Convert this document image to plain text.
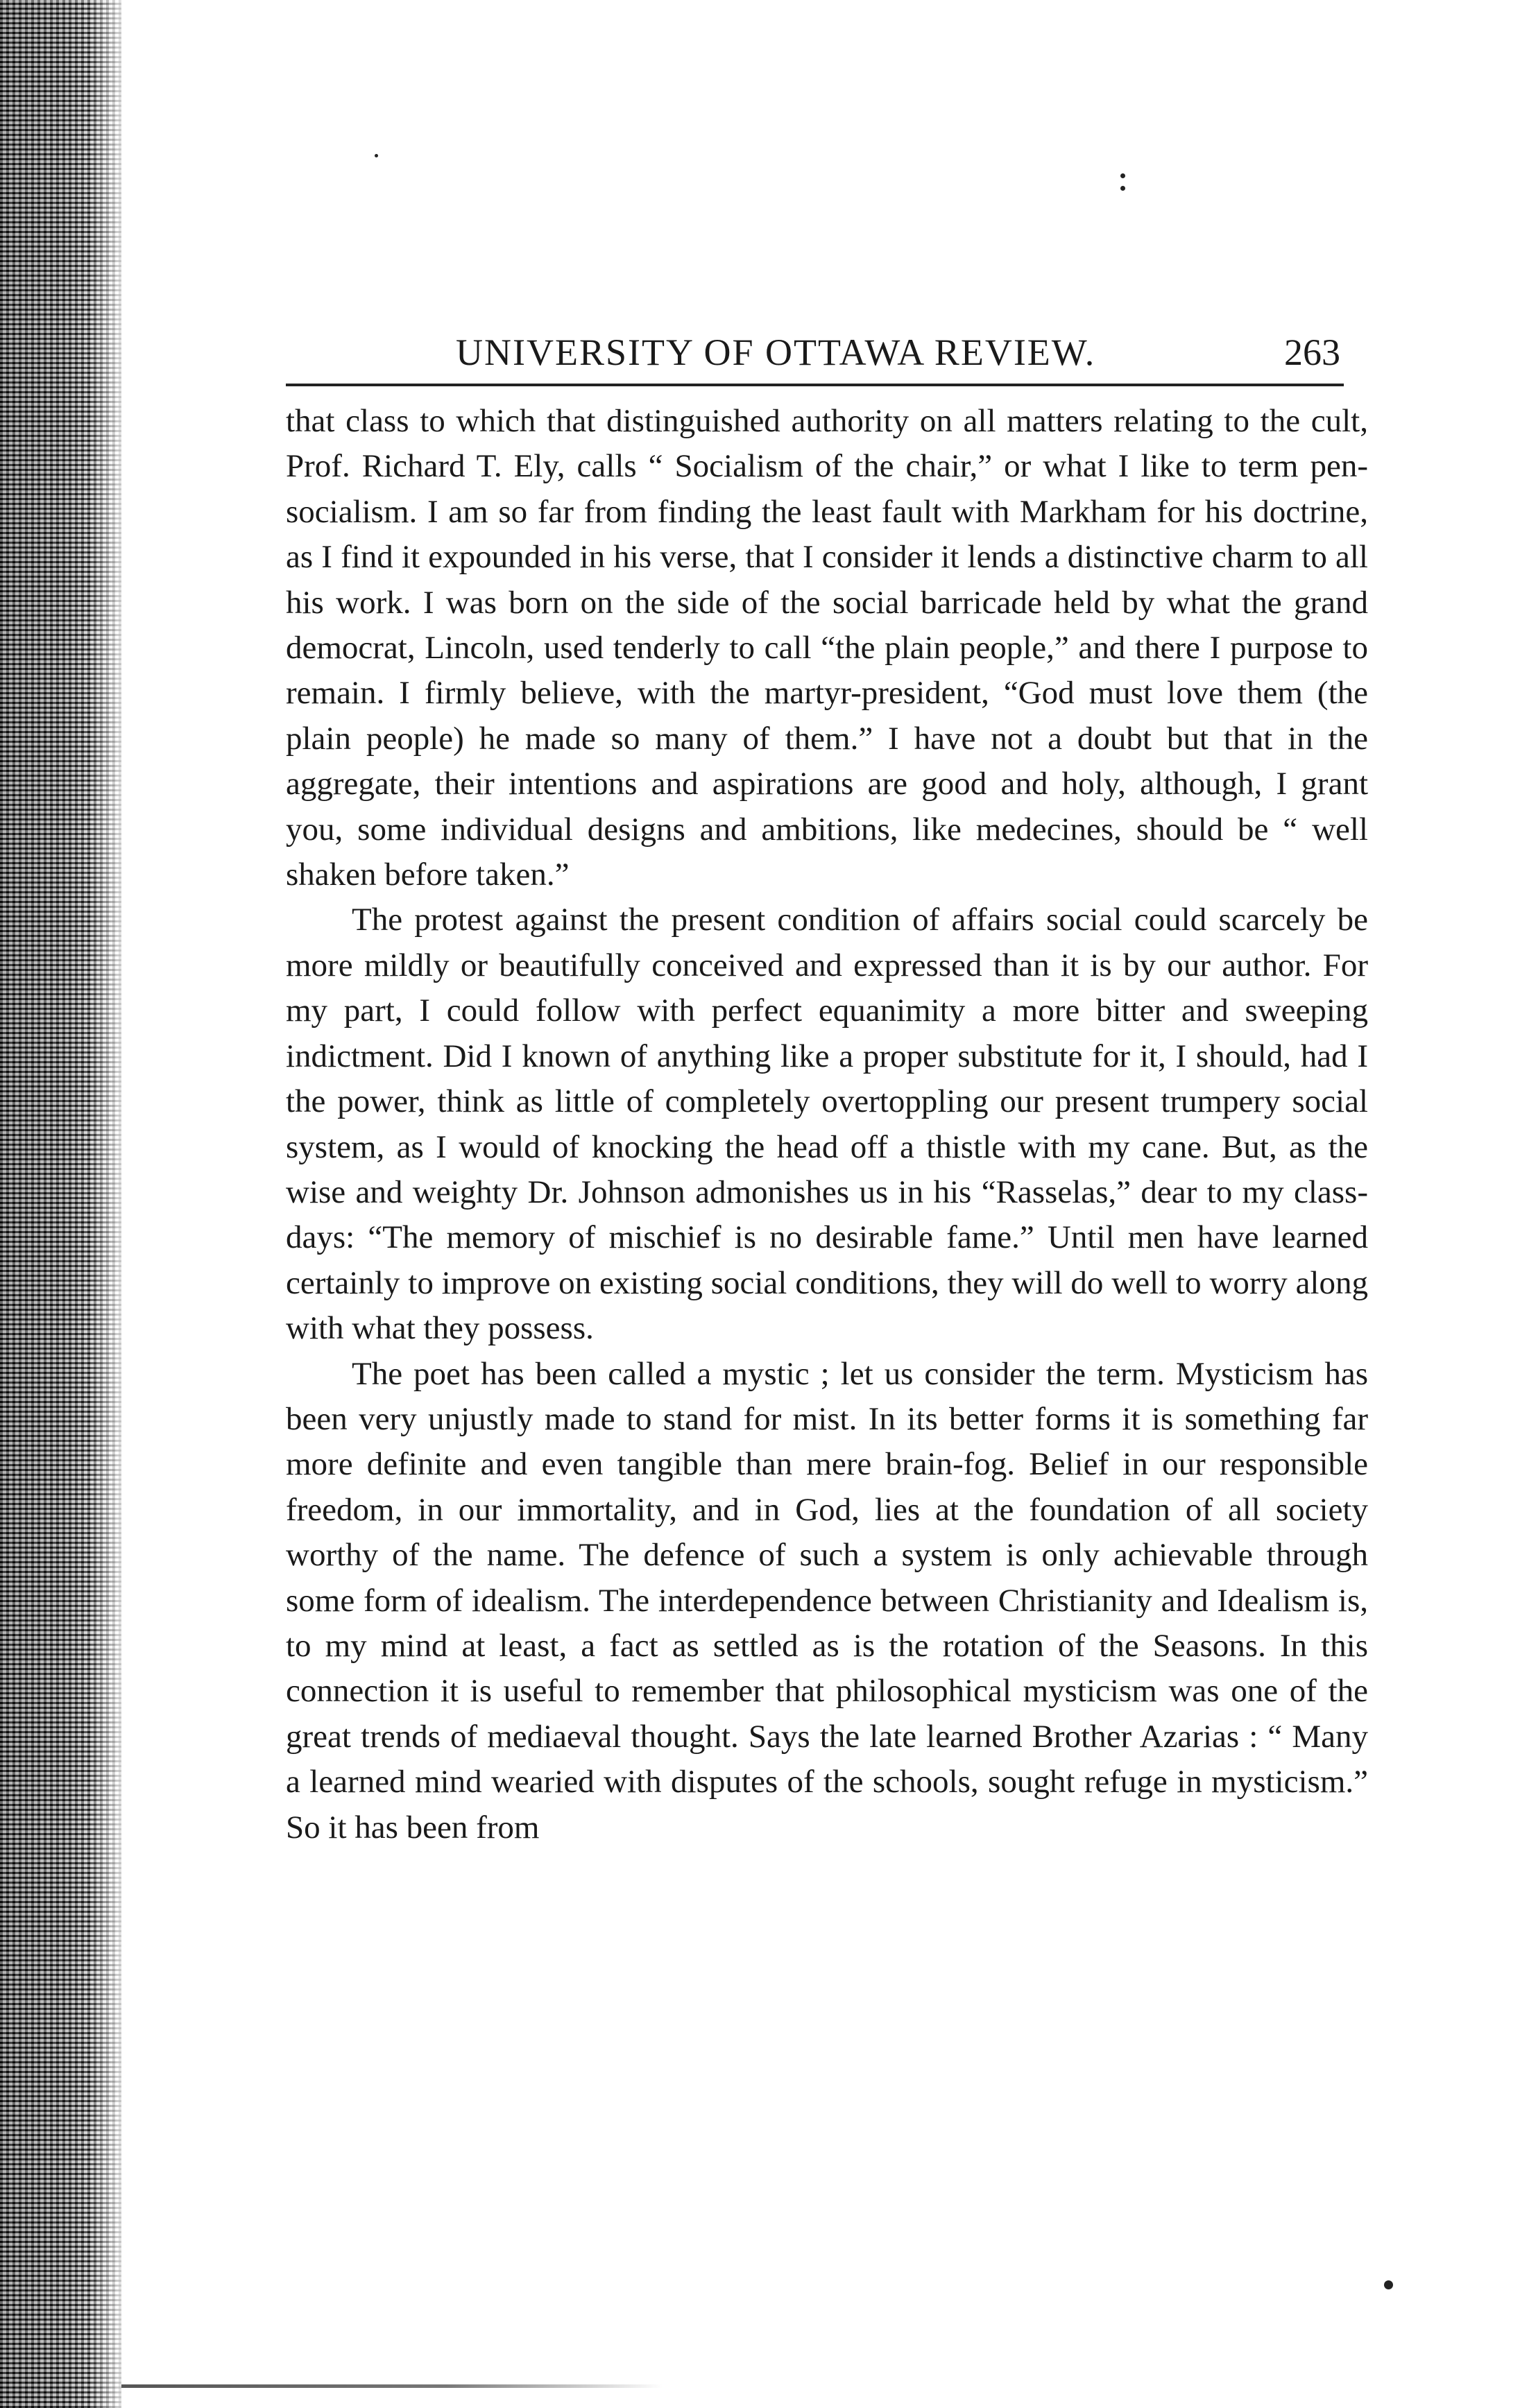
UNIVERSITY OF OTTAWA REVIEW.	263

that class to which that distinguished authority on all matters relating to the cult, Prof. Richard T. Ely, calls “ Socialism of the chair,” or what I like to term pen-socialism. I am so far from finding the least fault with Markham for his doctrine, as I find it expounded in his verse, that I consider it lends a distinctive charm to all his work. I was born on the side of the social barricade held by what the grand democrat, Lincoln, used tenderly to call “the plain people,” and there I purpose to remain. I firmly believe, with the martyr-president, “God must love them (the plain people) he made so many of them.” I have not a doubt but that in the aggregate, their intentions and aspirations are good and holy, although, I grant you, some individual designs and ambitions, like medecines, should be “ well shaken before taken.”

The protest against the present condition of affairs social could scarcely be more mildly or beautifully conceived and expressed than it is by our author. For my part, I could follow with perfect equanimity a more bitter and sweeping indictment. Did I known of anything like a proper substitute for it, I should, had I the power, think as little of completely overtoppling our present trumpery social system, as I would of knocking the head off a thistle with my cane. But, as the wise and weighty Dr. Johnson admonishes us in his “Rasselas,” dear to my class-days: “The memory of mischief is no desirable fame.” Until men have learned certainly to improve on existing social conditions, they will do well to worry along with what they possess.

The poet has been called a mystic ; let us consider the term. Mysticism has been very unjustly made to stand for mist. In its better forms it is something far more definite and even tangible than mere brain-fog. Belief in our responsible freedom, in our immortality, and in God, lies at the foundation of all society worthy of the name. The defence of such a system is only achievable through some form of idealism. The interdependence between Christianity and Idealism is, to my mind at least, a fact as settled as is the rotation of the Seasons. In this connection it is useful to remember that philosophical mysticism was one of the great trends of mediaeval thought. Says the late learned Brother Azarias : “ Many a learned mind wearied with disputes of the schools, sought refuge in mysticism.” So it has been from
